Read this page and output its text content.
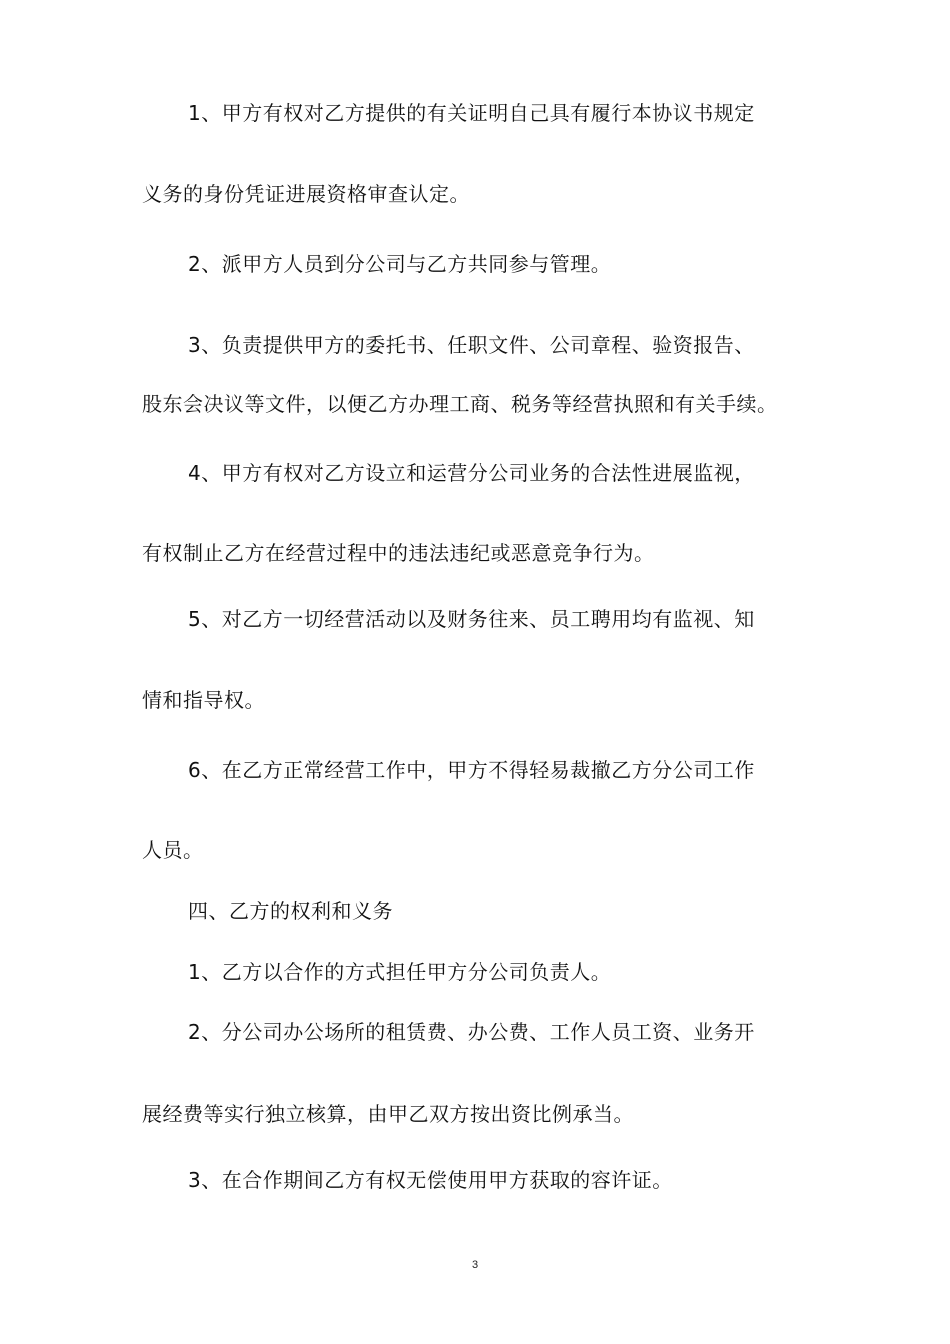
1、甲方有权对乙方提供的有关证明自己具有履行本协议书规定
义务的身份凭证进展资格审查认定。
2、派甲方人员到分公司与乙方共同参与管理。
3、负责提供甲方的委托书、任职文件、公司章程、验资报告、
股东会决议等文件，以便乙方办理工商、税务等经营执照和有关手续。
4、甲方有权对乙方设立和运营分公司业务的合法性进展监视，
有权制止乙方在经营过程中的违法违纪或恶意竞争行为。
5、对乙方一切经营活动以及财务往来、员工聘用均有监视、知
情和指导权。
6、在乙方正常经营工作中，甲方不得轻易裁撤乙方分公司工作
人员。
四、乙方的权利和义务
1、乙方以合作的方式担任甲方分公司负责人。
2、分公司办公场所的租赁费、办公费、工作人员工资、业务开
展经费等实行独立核算，由甲乙双方按出资比例承当。
3、在合作期间乙方有权无偿使用甲方获取的容许证。
3
